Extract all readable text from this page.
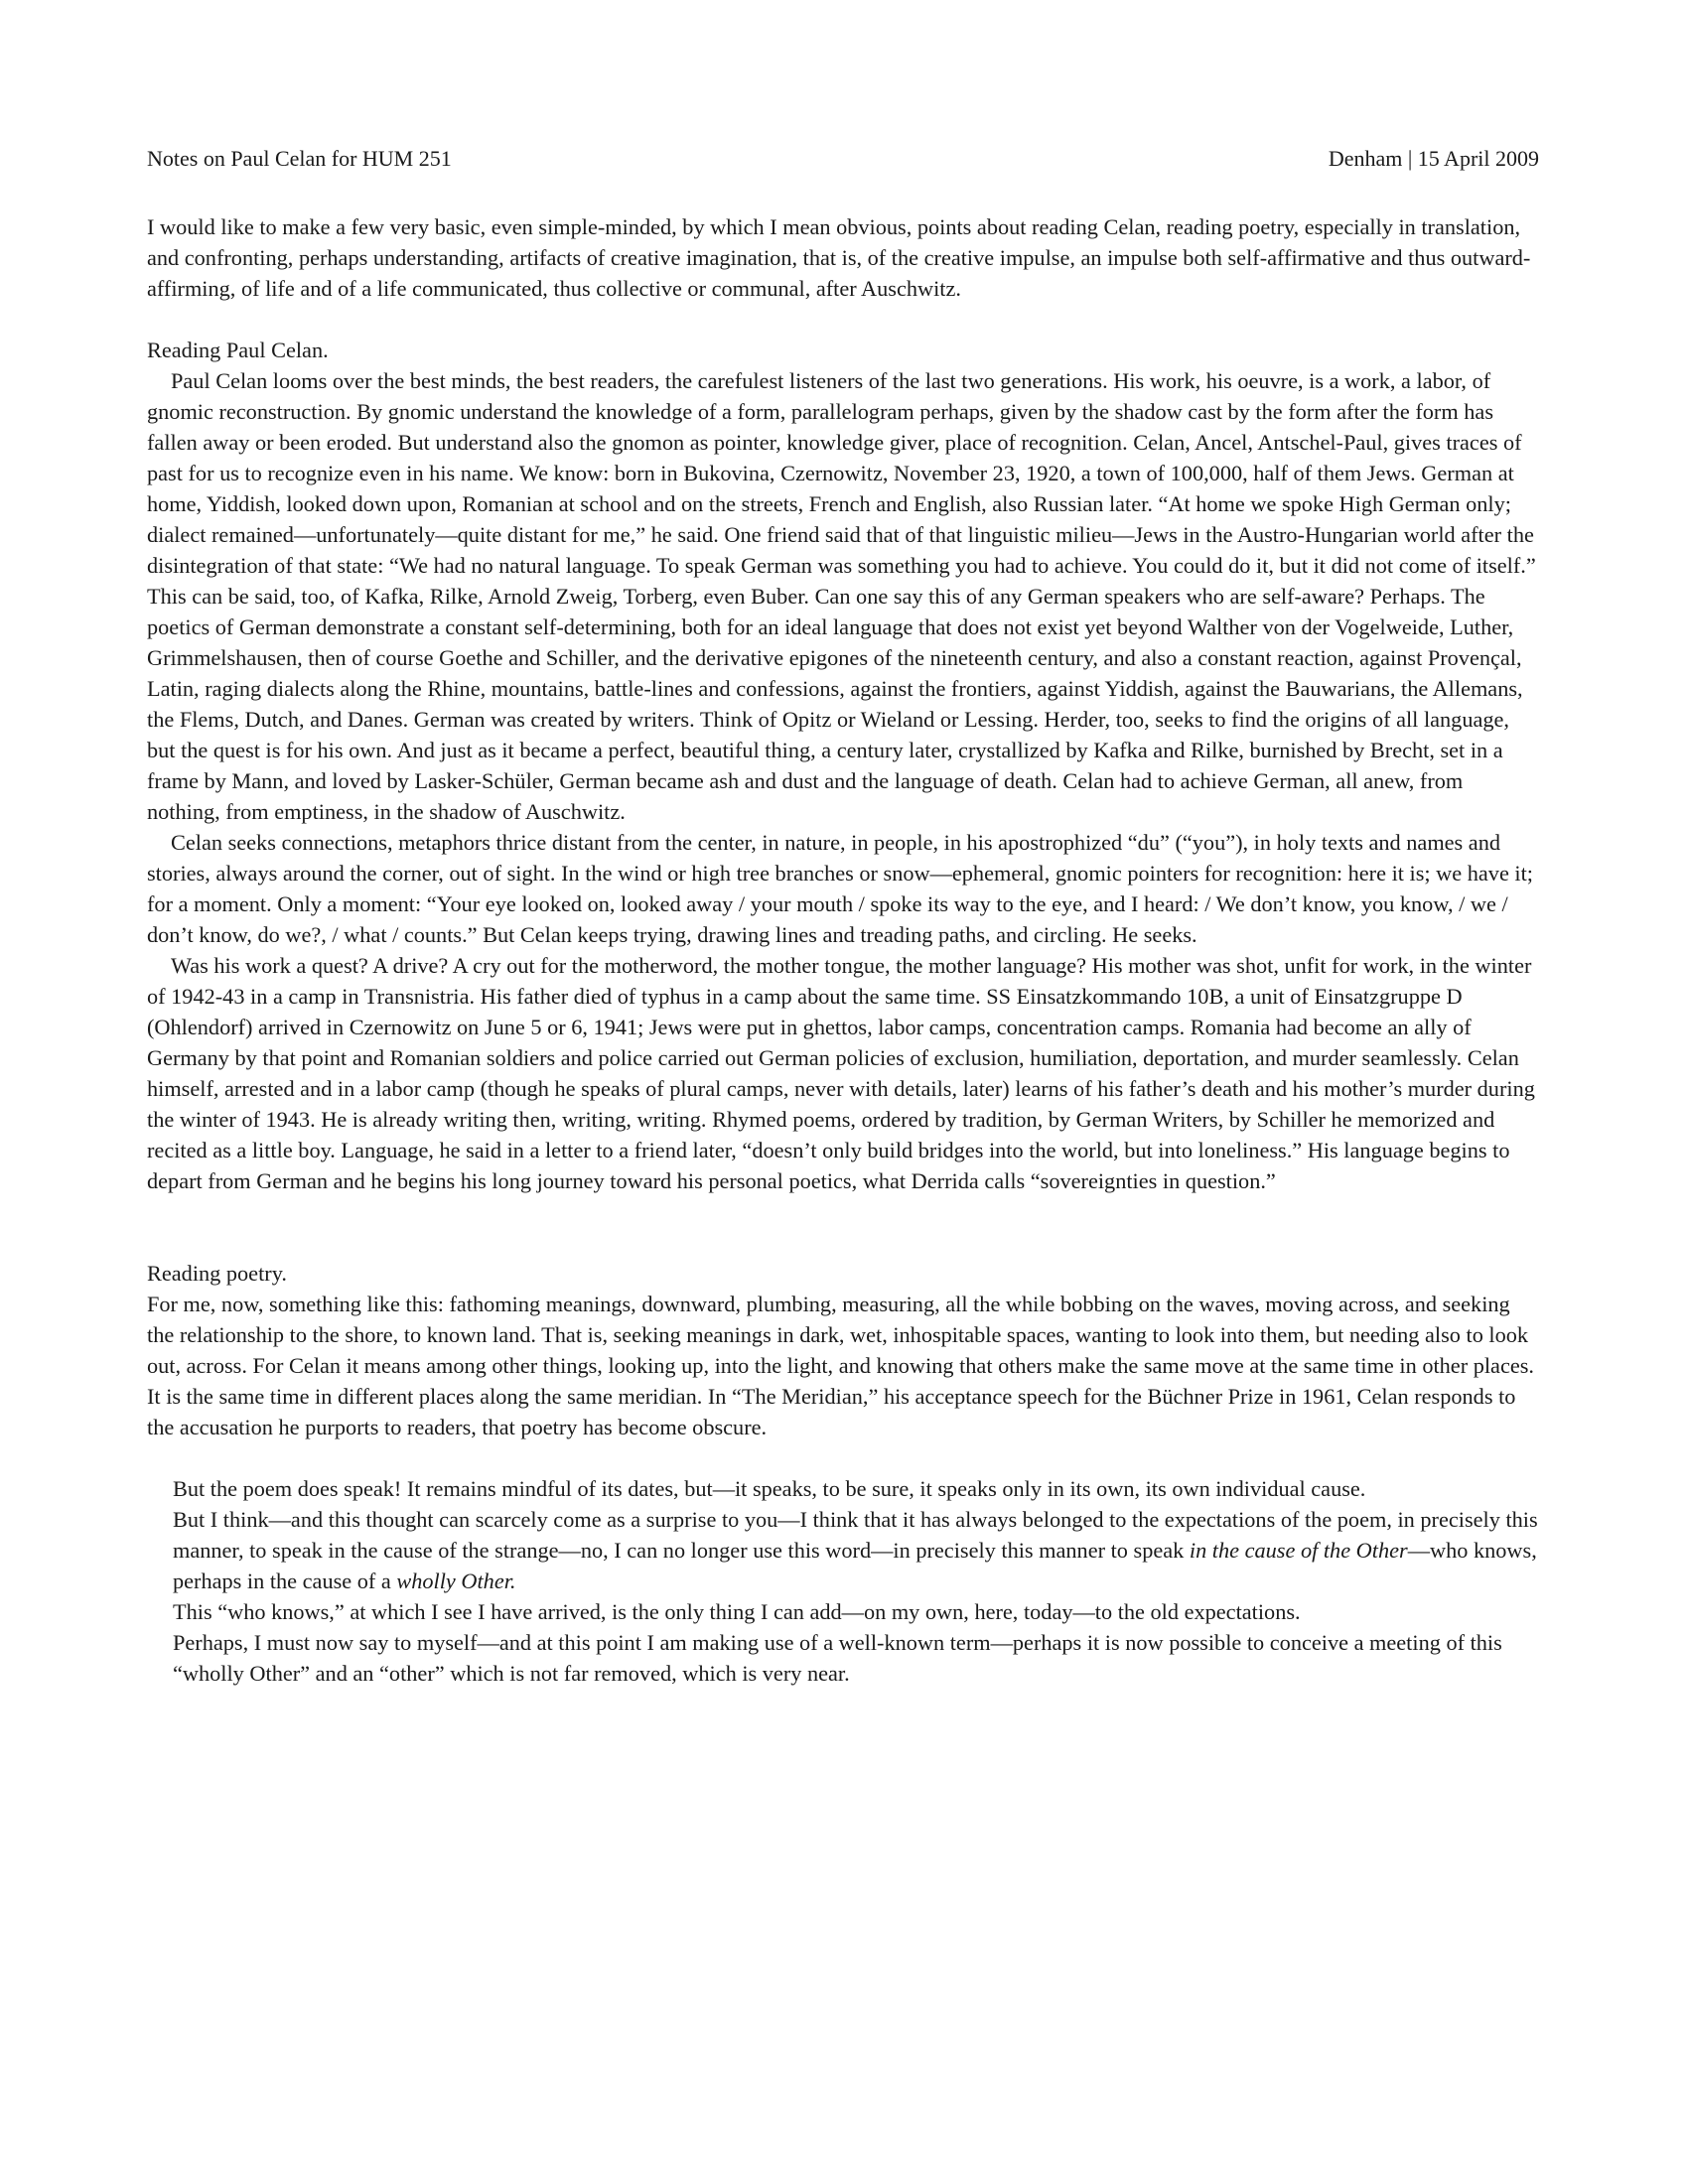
Notes on Paul Celan for HUM 251	Denham | 15 April 2009

I would like to make a few very basic, even simple-minded, by which I mean obvious, points about reading Celan, reading poetry, especially in translation, and confronting, perhaps understanding, artifacts of creative imagination, that is, of the creative impulse, an impulse both self-affirmative and thus outward-affirming, of life and of a life communicated, thus collective or communal, after Auschwitz.

Reading Paul Celan.

Paul Celan looms over the best minds, the best readers, the carefulest listeners of the last two generations. His work, his oeuvre, is a work, a labor, of gnomic reconstruction. By gnomic understand the knowledge of a form, parallelogram perhaps, given by the shadow cast by the form after the form has fallen away or been eroded. But understand also the gnomon as pointer, knowledge giver, place of recognition. Celan, Ancel, Antschel-Paul, gives traces of past for us to recognize even in his name. We know: born in Bukovina, Czernowitz, November 23, 1920, a town of 100,000, half of them Jews. German at home, Yiddish, looked down upon, Romanian at school and on the streets, French and English, also Russian later. “At home we spoke High German only; dialect remained—unfortunately—quite distant for me,” he said. One friend said that of that linguistic milieu—Jews in the Austro-Hungarian world after the disintegration of that state: “We had no natural language. To speak German was something you had to achieve. You could do it, but it did not come of itself.” This can be said, too, of Kafka, Rilke, Arnold Zweig, Torberg, even Buber. Can one say this of any German speakers who are self-aware? Perhaps. The poetics of German demonstrate a constant self-determining, both for an ideal language that does not exist yet beyond Walther von der Vogelweide, Luther, Grimmelshausen, then of course Goethe and Schiller, and the derivative epigones of the nineteenth century, and also a constant reaction, against Provençal, Latin, raging dialects along the Rhine, mountains, battle-lines and confessions, against the frontiers, against Yiddish, against the Bauwarians, the Allemans, the Flems, Dutch, and Danes. German was created by writers. Think of Opitz or Wieland or Lessing. Herder, too, seeks to find the origins of all language, but the quest is for his own. And just as it became a perfect, beautiful thing, a century later, crystallized by Kafka and Rilke, burnished by Brecht, set in a frame by Mann, and loved by Lasker-Schüler, German became ash and dust and the language of death. Celan had to achieve German, all anew, from nothing, from emptiness, in the shadow of Auschwitz.

Celan seeks connections, metaphors thrice distant from the center, in nature, in people, in his apostrophized “du” (“you”), in holy texts and names and stories, always around the corner, out of sight. In the wind or high tree branches or snow—ephemeral, gnomic pointers for recognition: here it is; we have it; for a moment. Only a moment: “Your eye looked on, looked away / your mouth / spoke its way to the eye, and I heard: / We don’t know, you know, / we / don’t know, do we?, / what / counts.” But Celan keeps trying, drawing lines and treading paths, and circling. He seeks.

Was his work a quest? A drive? A cry out for the motherword, the mother tongue, the mother language? His mother was shot, unfit for work, in the winter of 1942-43 in a camp in Transnistria. His father died of typhus in a camp about the same time. SS Einsatzkommando 10B, a unit of Einsatzgruppe D (Ohlendorf) arrived in Czernowitz on June 5 or 6, 1941; Jews were put in ghettos, labor camps, concentration camps. Romania had become an ally of Germany by that point and Romanian soldiers and police carried out German policies of exclusion, humiliation, deportation, and murder seamlessly. Celan himself, arrested and in a labor camp (though he speaks of plural camps, never with details, later) learns of his father’s death and his mother’s murder during the winter of 1943. He is already writing then, writing, writing. Rhymed poems, ordered by tradition, by German Writers, by Schiller he memorized and recited as a little boy. Language, he said in a letter to a friend later, “doesn’t only build bridges into the world, but into loneliness.” His language begins to depart from German and he begins his long journey toward his personal poetics, what Derrida calls “sovereignties in question.”

Reading poetry.

For me, now, something like this: fathoming meanings, downward, plumbing, measuring, all the while bobbing on the waves, moving across, and seeking the relationship to the shore, to known land. That is, seeking meanings in dark, wet, inhospitable spaces, wanting to look into them, but needing also to look out, across. For Celan it means among other things, looking up, into the light, and knowing that others make the same move at the same time in other places. It is the same time in different places along the same meridian. In “The Meridian,” his acceptance speech for the Büchner Prize in 1961, Celan responds to the accusation he purports to readers, that poetry has become obscure.

But the poem does speak! It remains mindful of its dates, but—it speaks, to be sure, it speaks only in its own, its own individual cause.

But I think—and this thought can scarcely come as a surprise to you—I think that it has always belonged to the expectations of the poem, in precisely this manner, to speak in the cause of the strange—no, I can no longer use this word—in precisely this manner to speak in the cause of the Other—who knows, perhaps in the cause of a wholly Other.

This “who knows,” at which I see I have arrived, is the only thing I can add—on my own, here, today—to the old expectations.

Perhaps, I must now say to myself—and at this point I am making use of a well-known term—perhaps it is now possible to conceive a meeting of this “wholly Other” and an “other” which is not far removed, which is very near.
